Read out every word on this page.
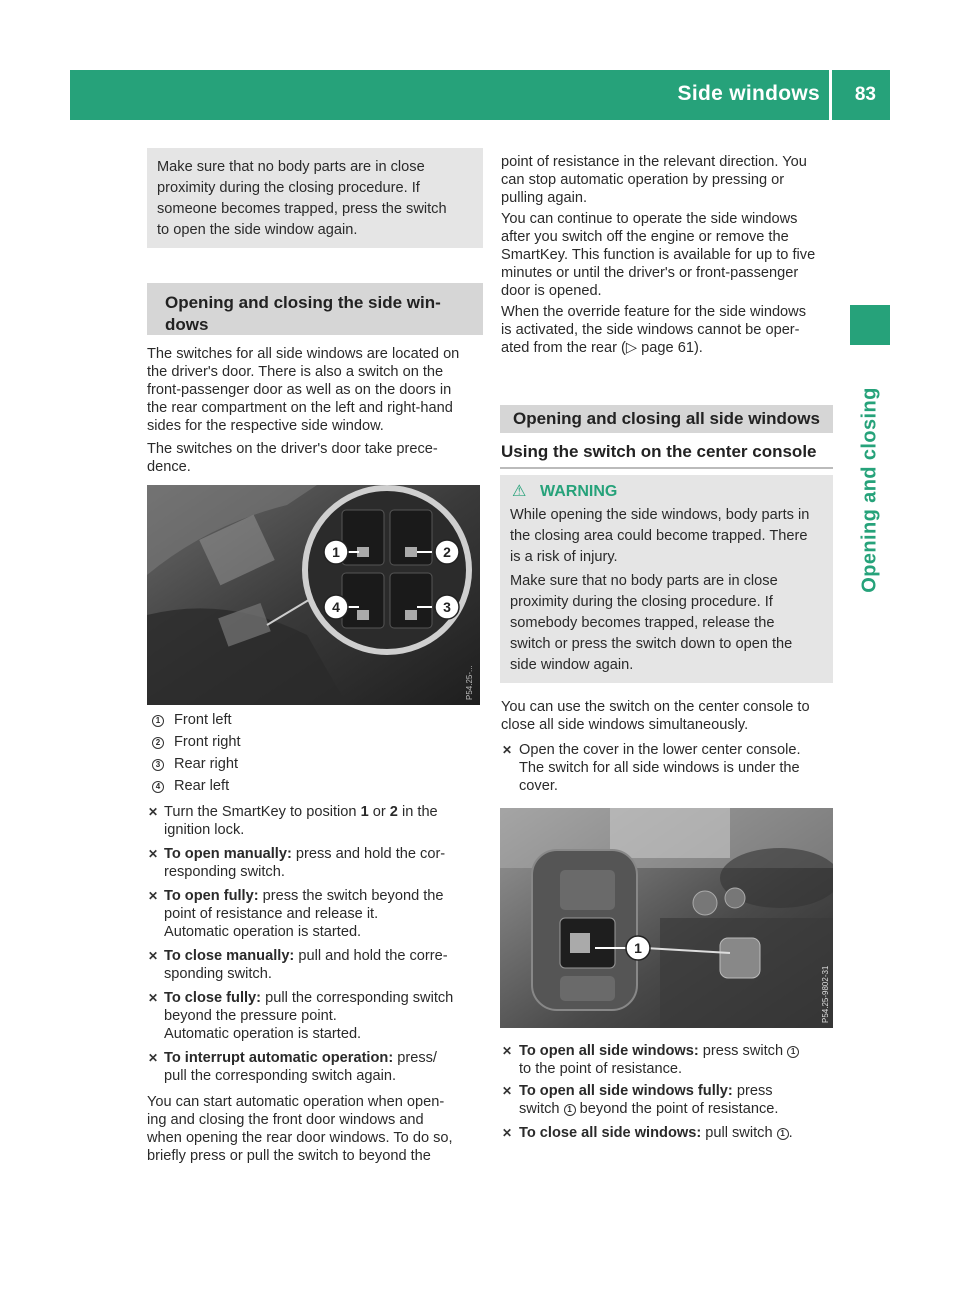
Side windows 83
Opening and closing

Make sure that no body parts are in close

proximity during the closing procedure. If

someone becomes trapped, press the switch

to open the side window again.

Opening and closing the side win-
dows
The switches for all side windows are located on
the driver's door. There is also a switch on the
front-passenger door as well as on the doors in
the rear compartment on the left and right-hand
sides for the respective side window.
The switches on the driver's door take prece-
dence.
1	2
3
4
P54.25-...
1 Front left
2 Front right
3 Rear right
4 Rear left
✕ Turn the SmartKey to position 1 or 2 in the
ignition lock.
✕ To open manually: press and hold the cor-
responding switch.
✕ To open fully: press the switch beyond the
point of resistance and release it.
Automatic operation is started.
✕ To close manually: pull and hold the corre-
sponding switch.
✕ To close fully: pull the corresponding switch
beyond the pressure point.
Automatic operation is started.
✕ To interrupt automatic operation: press/
pull the corresponding switch again.
You can start automatic operation when open-
ing and closing the front door windows and
when opening the rear door windows. To do so,
briefly press or pull the switch to beyond the
point of resistance in the relevant direction. You
can stop automatic operation by pressing or
pulling again.
You can continue to operate the side windows
after you switch off the engine or remove the
SmartKey. This function is available for up to five
minutes or until the driver's or front-passenger
door is opened.
When the override feature for the side windows
is activated, the side windows cannot be oper-
ated from the rear (▷ page 61).
Opening and closing all side windows
Using the switch on the center console
⚠ WARNING

While opening the side windows, body parts in

the closing area could become trapped. There

is a risk of injury.

Make sure that no body parts are in close

proximity during the closing procedure. If

somebody becomes trapped, release the

switch or press the switch down to open the

side window again.

You can use the switch on the center console to
close all side windows simultaneously.
✕ Open the cover in the lower center console.
The switch for all side windows is under the
cover.
1
P54.25-9802-31
✕ To open all side windows: press switch 1
to the point of resistance.
✕ To open all side windows fully: press
switch 1 beyond the point of resistance.
✕ To close all side windows: pull switch 1 .
